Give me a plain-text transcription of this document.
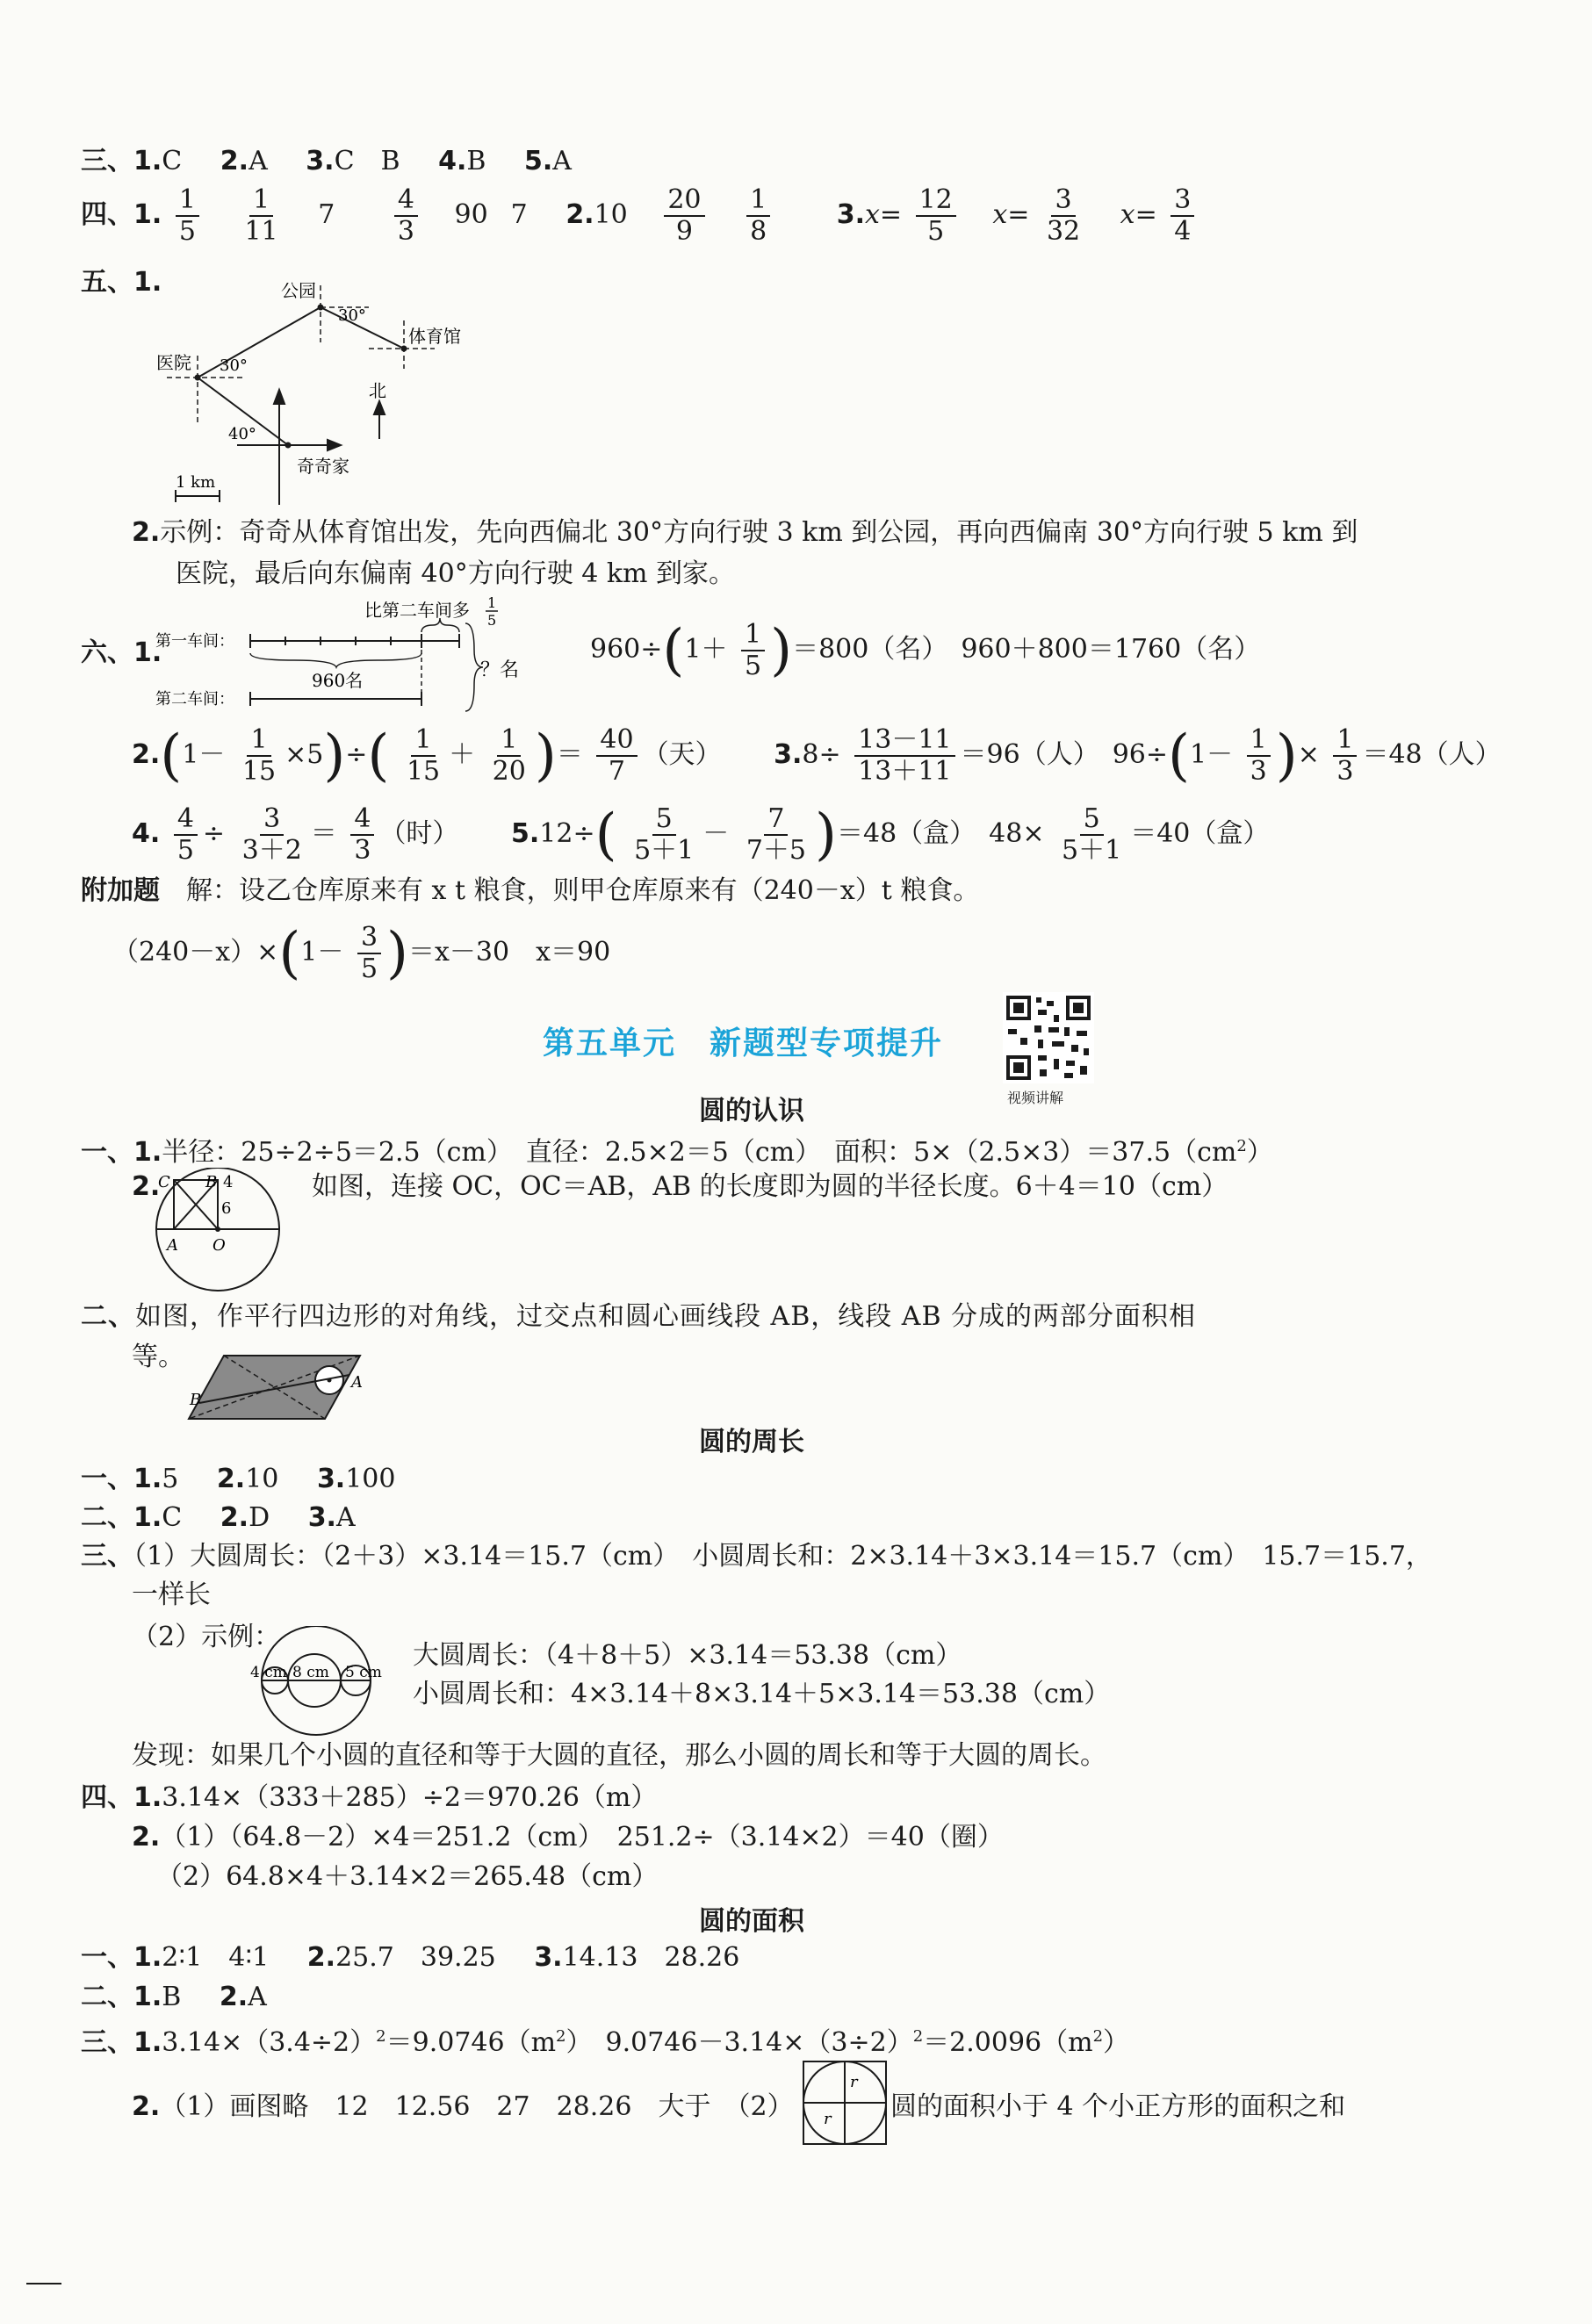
三、1.C 2.A 3.C　B 4.B 5.A
四、1. $\frac{1}{5}$
$\frac{1}{11} 7 \frac{4}{3} 90$ 7 $2.10 \frac{20}{9}$
$\frac{1}{8}$	$3.x= \frac{12}{5} x= \frac{3}{32} x= \frac{3}{4}$
五、1.	公园
体育馆
医院
奇奇家
北
30°
30°
40°
1 km
2.示例：奇奇从体育馆出发，先向西偏北 30°方向行驶 3 km 到公园，再向西偏南 30°方向行驶 5 km 到
医院，最后向东偏南 40°方向行驶 4 km 到家。
六、1.
第一车间：
第二车间：
比第二车间多 1
5
960名	？名
$960\div(1+ \frac{1}{5} )=800$（名）　960＋800＝1760（名）
$2.(1- \frac{1}{15} \times 5)\div( \frac{1}{15} + \frac{1}{20}$ )＝ $\frac{40}{7}$ （天） $3.8\div \frac{13-11}{13+11} =96$（人）　$96\div(1- \frac{1}{3}$ )× $\frac{1}{3} =48$（人）
4. $\frac{4}{5} \div \frac{3}{3+2} = \frac{4}{3}$ （时） $5.12\div( \frac{5}{5+1} - \frac{7}{7+5} )=48$（盒）　$48\times \frac{5}{5+1} =40$（盒）
附加题　 解：设乙仓库原来有 x t 粮食，则甲仓库原来有（240－x）t 粮食。
$(240-x)\times(1- \frac{3}{5} )=x-30$　x＝90
第五单元　新题型专项提升
视频讲解
圆的认识
一、1.半径：25÷2÷5＝2.5（cm）　直径：2.5×2＝5（cm）　面积：$5\times(2.5\times 3)=37.5(cm^2)$
2.
C B 4
6
A O
如图，连接 OC，OC＝AB，AB 的长度即为圆的半径长度。6＋4＝10（cm）
二、如图，作平行四边形的对角线，过交点和圆心画线段 AB，线段 AB 分成的两部分面积相
等。
A
B
圆的周长
一、1.5 2.10 3.100
二、1.C 2.D 3.A
三、（1）大圆周长：（2＋3）×3.14＝15.7（cm）　小圆周长和：2×3.14＋3×3.14＝15.7（cm）　15.7＝15.7，
一样长
（2）示例：
4 cm 8 cm 5 cm
大圆周长：（4＋8＋5）×3.14＝53.38（cm）
小圆周长和：4×3.14＋8×3.14＋5×3.14＝53.38（cm）
发现：如果几个小圆的直径和等于大圆的直径，那么小圆的周长和等于大圆的周长。
四、1.3.14×（333＋285）÷2＝970.26（m）
2.（1）（64.8－2）×4＝251.2（cm）　251.2÷（3.14×2）＝40（圈）
（2）64.8×4＋3.14×2＝265.48（cm）
圆的面积
一、1.2∶1　4∶1 2.25.7　39.25 3.14.13　28.26
二、1.B 2.A
三、$1.3.14\times(3.4\div 2)^2=9.0746(m^2)$　$9.0746-3.14\times(3\div 2)^2=2.0096(m^2)$
2.（1）画图略　12　12.56　27　28.26　大于　（2）
r
r 圆的面积小于 4 个小正方形的面积之和
